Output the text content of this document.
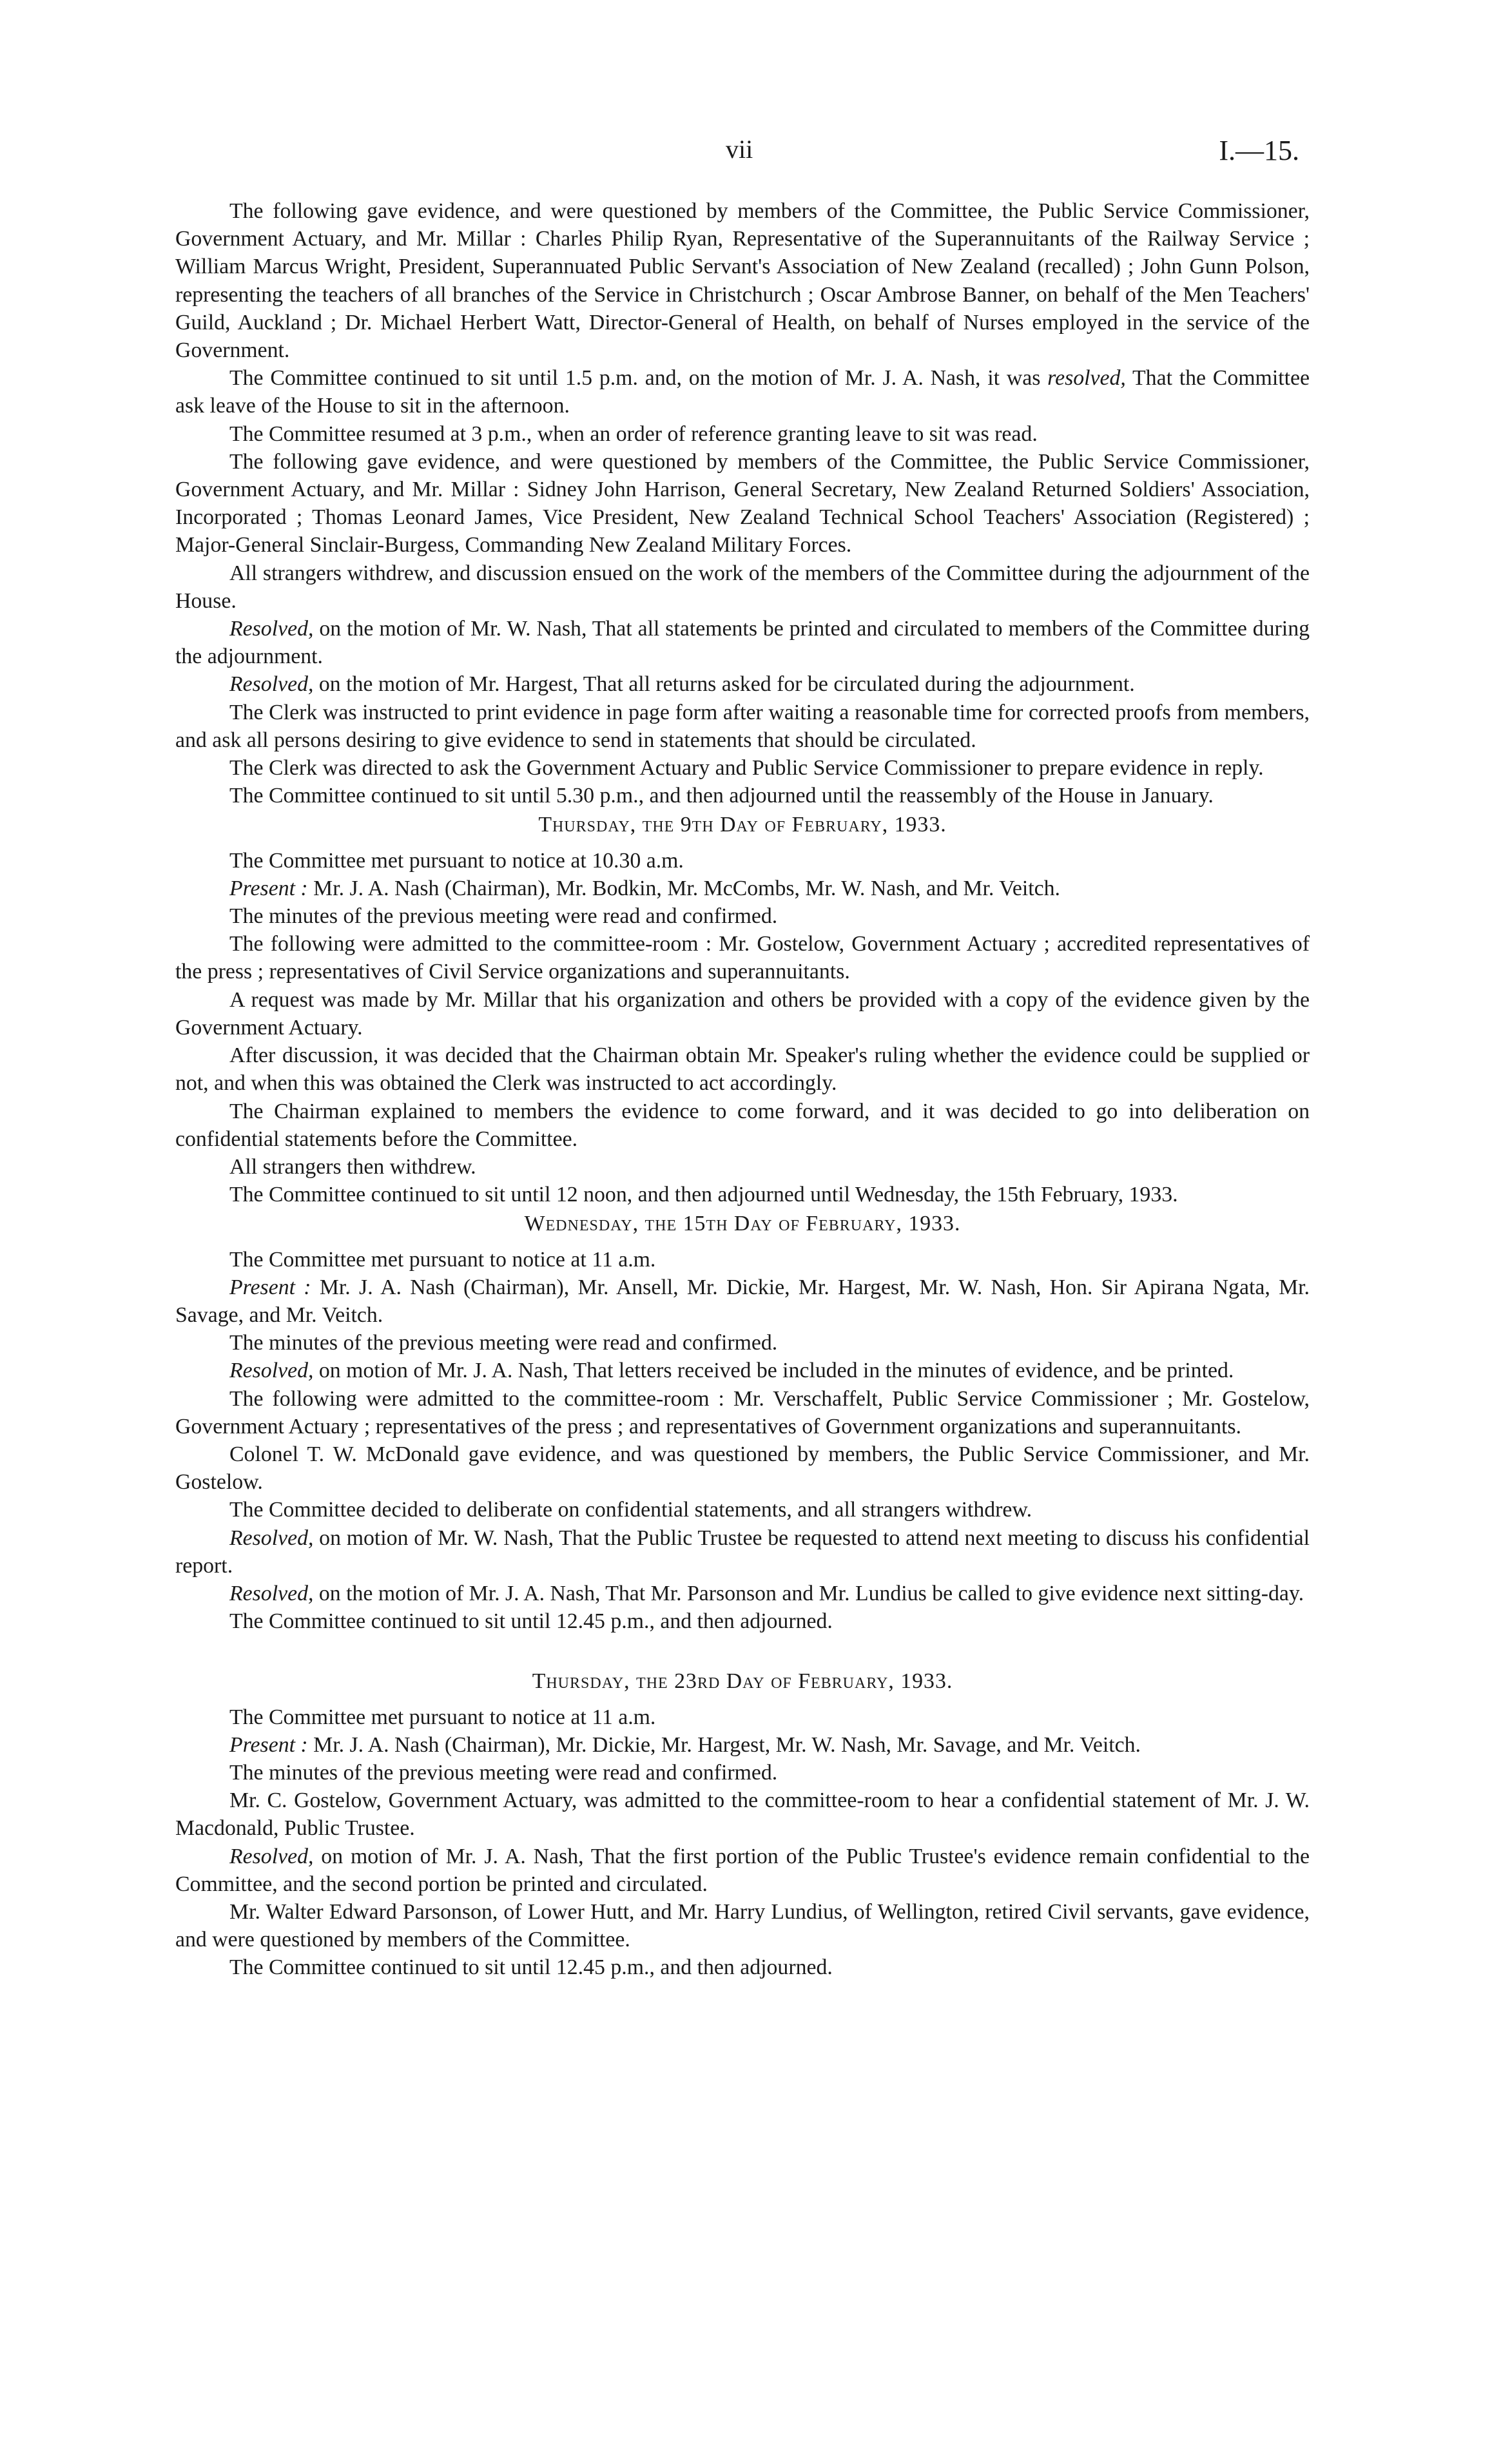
vii	I.—15.

The following gave evidence, and were questioned by members of the Committee, the Public Service Commissioner, Government Actuary, and Mr. Millar : Charles Philip Ryan, Representative of the Superannuitants of the Railway Service ; William Marcus Wright, President, Superannuated Public Servant's Association of New Zealand (recalled) ; John Gunn Polson, representing the teachers of all branches of the Service in Christchurch ; Oscar Ambrose Banner, on behalf of the Men Teachers' Guild, Auckland ; Dr. Michael Herbert Watt, Director-General of Health, on behalf of Nurses employed in the service of the Government.

The Committee continued to sit until 1.5 p.m. and, on the motion of Mr. J. A. Nash, it was resolved, That the Committee ask leave of the House to sit in the afternoon.

The Committee resumed at 3 p.m., when an order of reference granting leave to sit was read.

The following gave evidence, and were questioned by members of the Committee, the Public Service Commissioner, Government Actuary, and Mr. Millar : Sidney John Harrison, General Secretary, New Zealand Returned Soldiers' Association, Incorporated ; Thomas Leonard James, Vice President, New Zealand Technical School Teachers' Association (Registered) ; Major-General Sinclair-Burgess, Commanding New Zealand Military Forces.

All strangers withdrew, and discussion ensued on the work of the members of the Committee during the adjournment of the House.

Resolved, on the motion of Mr. W. Nash, That all statements be printed and circulated to members of the Committee during the adjournment.

Resolved, on the motion of Mr. Hargest, That all returns asked for be circulated during the adjournment.

The Clerk was instructed to print evidence in page form after waiting a reasonable time for corrected proofs from members, and ask all persons desiring to give evidence to send in statements that should be circulated.

The Clerk was directed to ask the Government Actuary and Public Service Commissioner to prepare evidence in reply.

The Committee continued to sit until 5.30 p.m., and then adjourned until the reassembly of the House in January.

Thursday, the 9th Day of February, 1933.

The Committee met pursuant to notice at 10.30 a.m.

Present : Mr. J. A. Nash (Chairman), Mr. Bodkin, Mr. McCombs, Mr. W. Nash, and Mr. Veitch.

The minutes of the previous meeting were read and confirmed.

The following were admitted to the committee-room : Mr. Gostelow, Government Actuary ; accredited representatives of the press ; representatives of Civil Service organizations and superannuitants.

A request was made by Mr. Millar that his organization and others be provided with a copy of the evidence given by the Government Actuary.

After discussion, it was decided that the Chairman obtain Mr. Speaker's ruling whether the evidence could be supplied or not, and when this was obtained the Clerk was instructed to act accordingly.

The Chairman explained to members the evidence to come forward, and it was decided to go into deliberation on confidential statements before the Committee.

All strangers then withdrew.

The Committee continued to sit until 12 noon, and then adjourned until Wednesday, the 15th February, 1933.

Wednesday, the 15th Day of February, 1933.

The Committee met pursuant to notice at 11 a.m.

Present : Mr. J. A. Nash (Chairman), Mr. Ansell, Mr. Dickie, Mr. Hargest, Mr. W. Nash, Hon. Sir Apirana Ngata, Mr. Savage, and Mr. Veitch.

The minutes of the previous meeting were read and confirmed.

Resolved, on motion of Mr. J. A. Nash, That letters received be included in the minutes of evidence, and be printed.

The following were admitted to the committee-room : Mr. Verschaffelt, Public Service Commissioner ; Mr. Gostelow, Government Actuary ; representatives of the press ; and representatives of Government organizations and superannuitants.

Colonel T. W. McDonald gave evidence, and was questioned by members, the Public Service Commissioner, and Mr. Gostelow.

The Committee decided to deliberate on confidential statements, and all strangers withdrew.

Resolved, on motion of Mr. W. Nash, That the Public Trustee be requested to attend next meeting to discuss his confidential report.

Resolved, on the motion of Mr. J. A. Nash, That Mr. Parsonson and Mr. Lundius be called to give evidence next sitting-day.

The Committee continued to sit until 12.45 p.m., and then adjourned.

Thursday, the 23rd Day of February, 1933.

The Committee met pursuant to notice at 11 a.m.

Present : Mr. J. A. Nash (Chairman), Mr. Dickie, Mr. Hargest, Mr. W. Nash, Mr. Savage, and Mr. Veitch.

The minutes of the previous meeting were read and confirmed.

Mr. C. Gostelow, Government Actuary, was admitted to the committee-room to hear a confidential statement of Mr. J. W. Macdonald, Public Trustee.

Resolved, on motion of Mr. J. A. Nash, That the first portion of the Public Trustee's evidence remain confidential to the Committee, and the second portion be printed and circulated.

Mr. Walter Edward Parsonson, of Lower Hutt, and Mr. Harry Lundius, of Wellington, retired Civil servants, gave evidence, and were questioned by members of the Committee.

The Committee continued to sit until 12.45 p.m., and then adjourned.
